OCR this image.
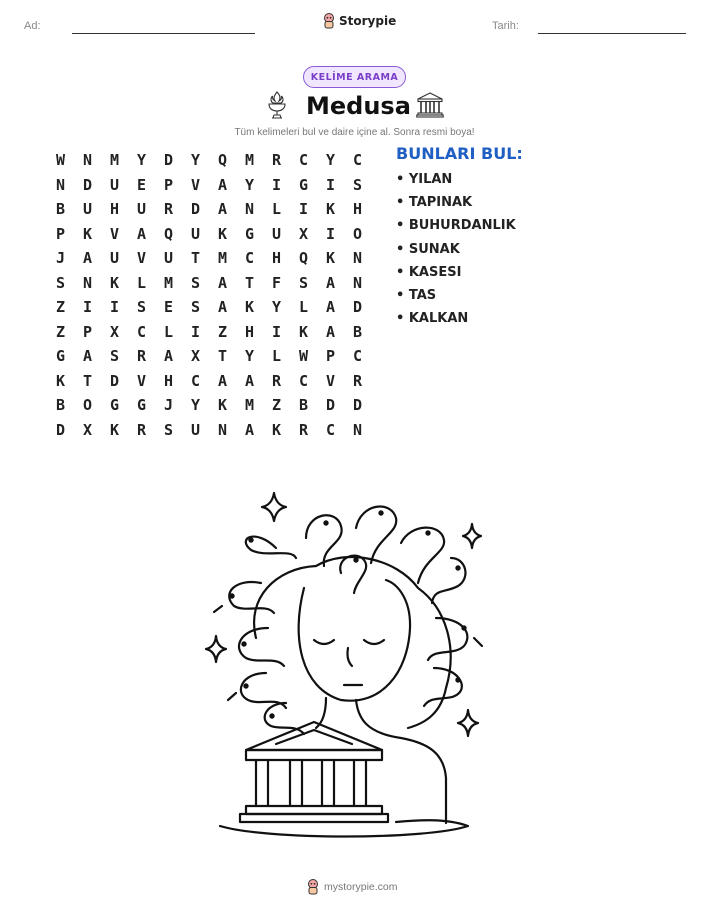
Ad:	Storypie	Tarih:
KELİME ARAMA
Medusa
Tüm kelimeleri bul ve daire içine al. Sonra resmi boya!
W	N	M	Y	D	Y	Q	M	R	C	Y	C
N	D	U	E	P	V	A	Y	I	G	I	S
B	U	H	U	R	D	A	N	L	I	K	H
P	K	V	A	Q	U	K	G	U	X	I	O
J	A	U	V	U	T	M	C	H	Q	K	N
S	N	K	L	M	S	A	T	F	S	A	N
Z	I	I	S	E	S	A	K	Y	L	A	D
Z	P	X	C	L	I	Z	H	I	K	A	B
G	A	S	R	A	X	T	Y	L	W	P	C
K	T	D	V	H	C	A	A	R	C	V	R
B	O	G	G	J	Y	K	M	Z	B	D	D
D	X	K	R	S	U	N	A	K	R	C	N
BUNLARI BUL:
• YILAN
• TAPINAK
• BUHURDANLIK
• SUNAK
• KASESI
• TAS
• KALKAN
mystorypie.com
